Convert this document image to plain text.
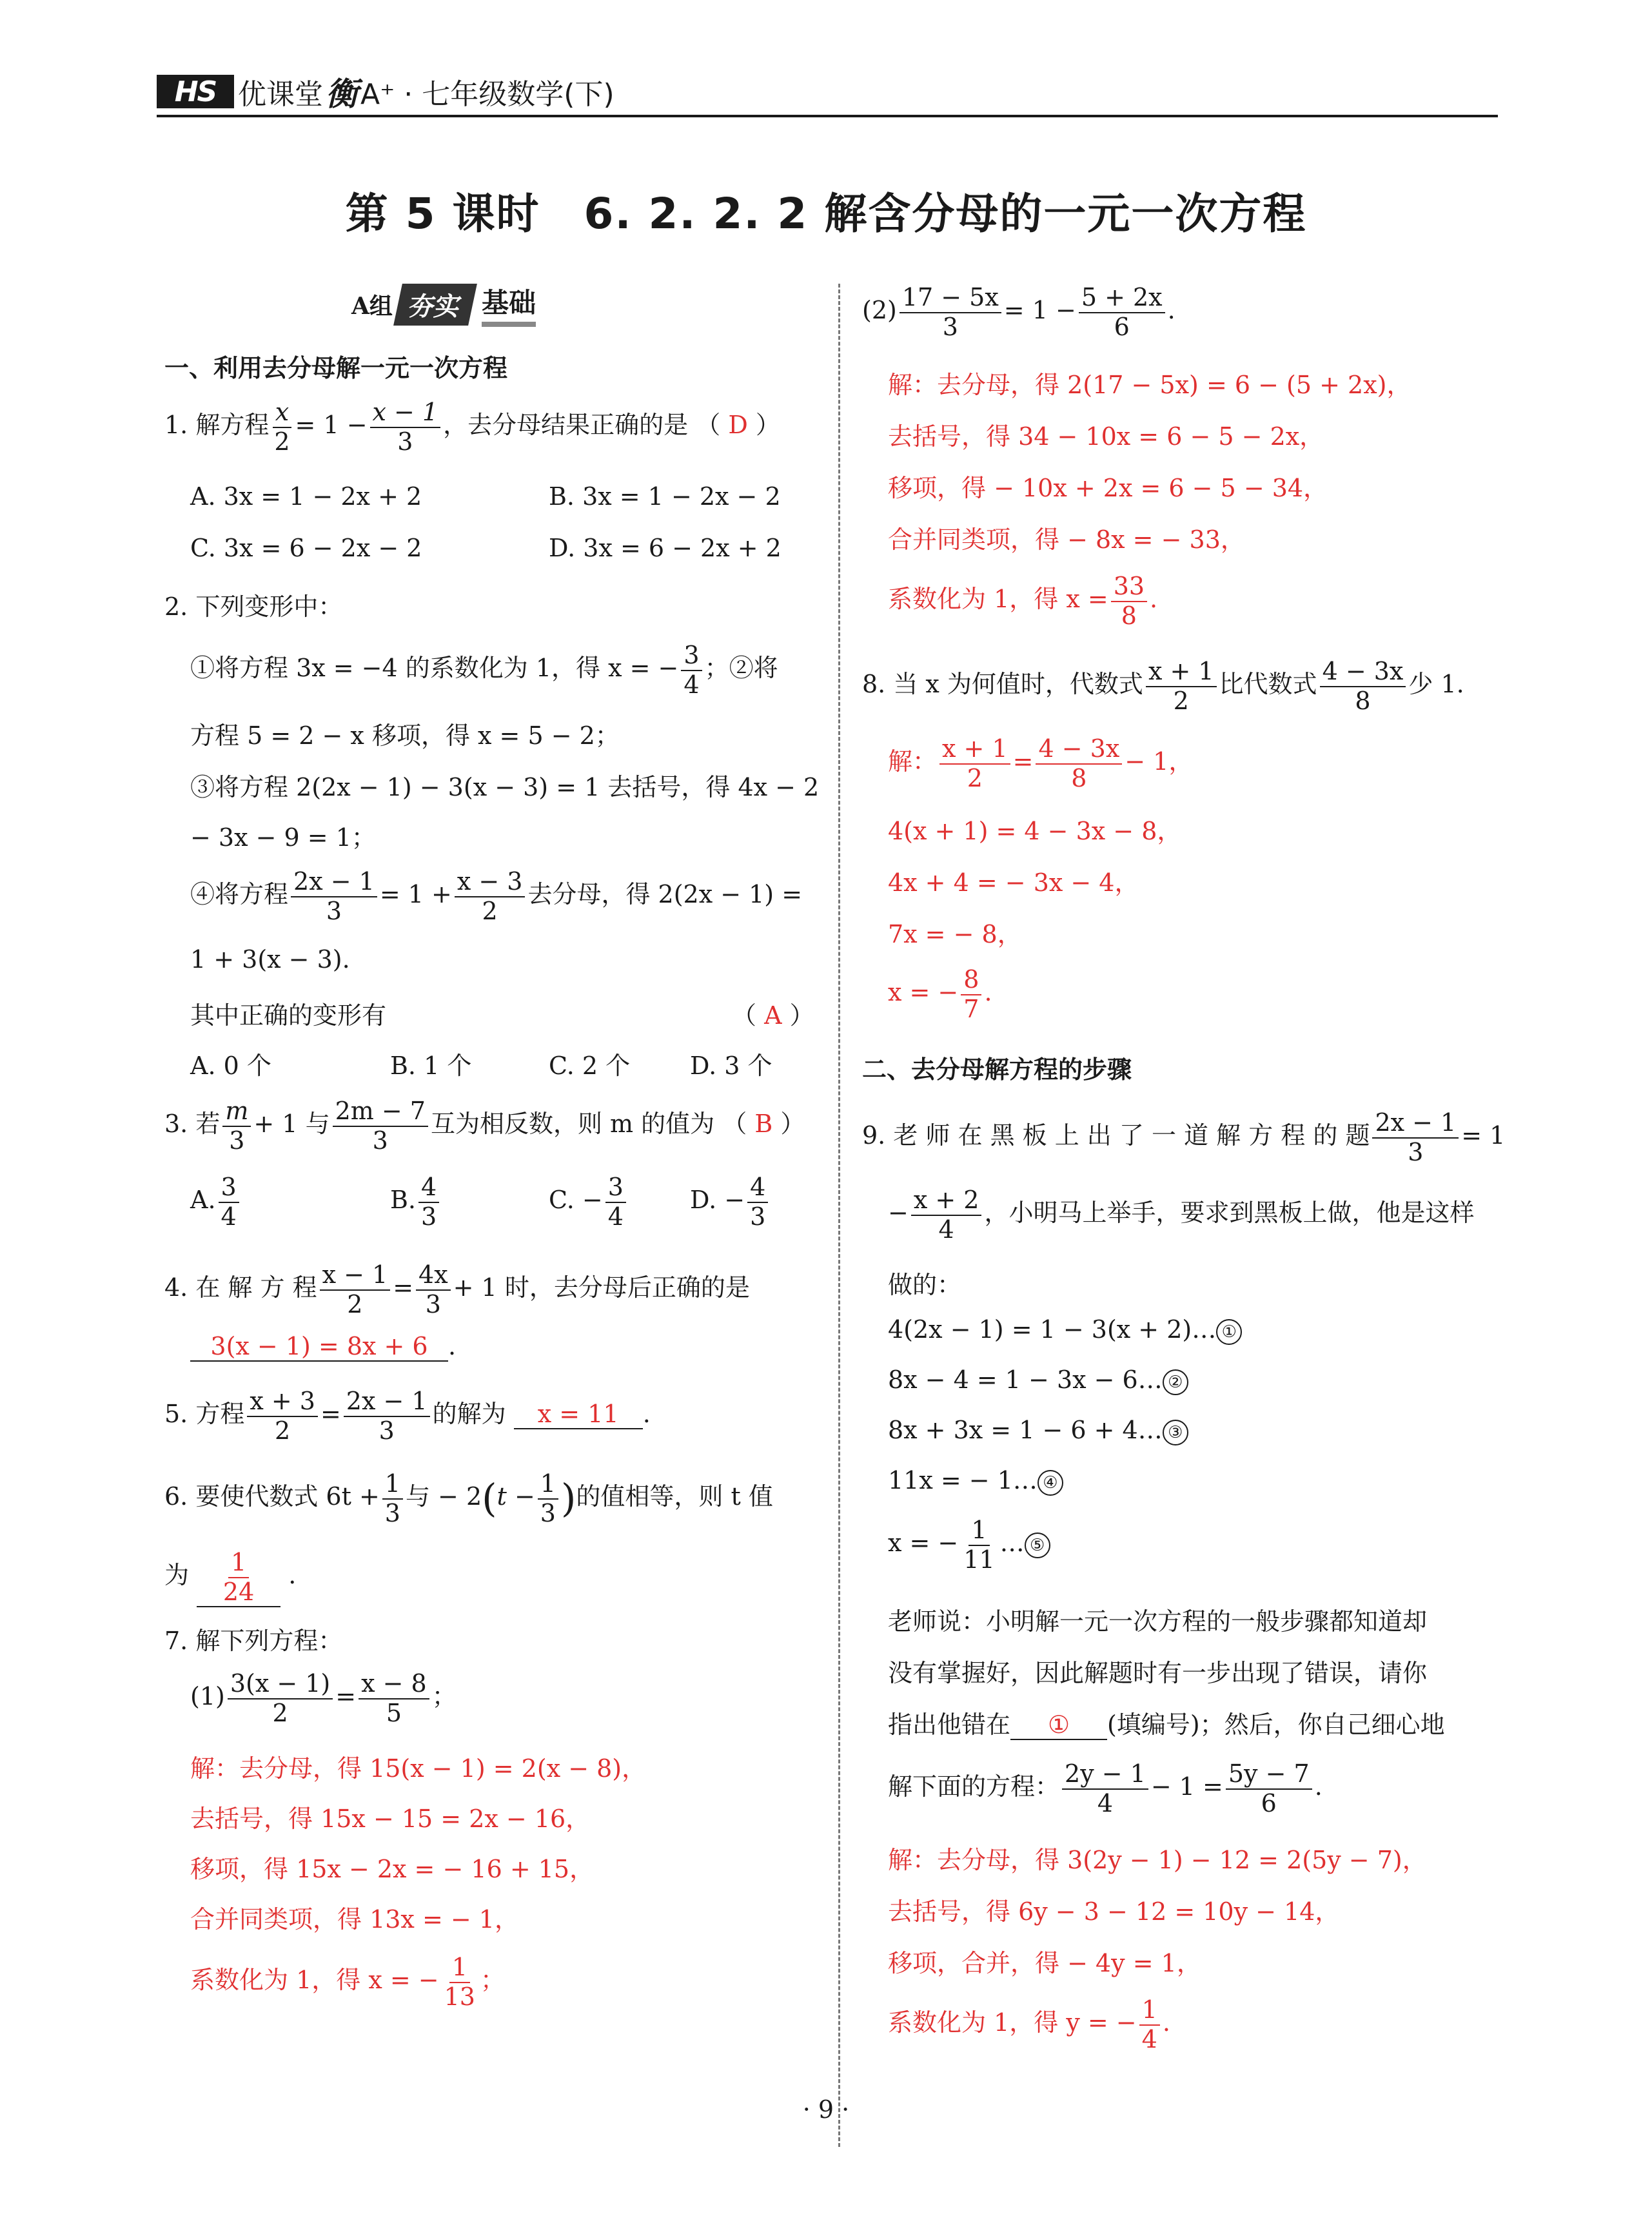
HS 优课堂 衡 A⁺ · 七年级数学(下)
第 5 课时　6. 2. 2. 2 解含分母的一元一次方程
A组 夯实 基础
一、利用去分母解一元一次方程
1. 解方程 $\frac{x}{2} = 1 - \frac{x - 1}{3}$ ，去分母结果正确的是 （ D ）
A. 3x = 1 − 2x + 2	B. 3x = 1 − 2x − 2
C. 3x = 6 − 2x − 2	D. 3x = 6 − 2x + 2
2. 下列变形中：
①将方程 3x = −4 的系数化为 1，得 x = − $\frac{3}{4}$ ；②将
方程 5 = 2 − x 移项，得 x = 5 − 2；
③将方程 2(2x − 1) − 3(x − 3) = 1 去括号，得 4x − 2
− 3x − 9 = 1；
④将方程 $\frac{2x - 1}{3} = 1 + \frac{x - 3}{2}$ 去分母，得 2(2x − 1) =
1 + 3(x − 3).
其中正确的变形有	（ A ）
A. 0 个	B. 1 个	C. 2 个 D. 3 个
3. 若 $\frac{m}{3} + 1$ 与 $\frac{2m - 7}{3}$ 互为相反数，则 m 的值为 （ B ）
A. $\frac{3}{4}$	B. $\frac{4}{3}$	C. − $\frac{3}{4}$	D. − $\frac{4}{3}$
4. 在 解 方 程 $\frac{x - 1}{2} = \frac{4x}{3} + 1$ 时，去分母后正确的是
3(x − 1) = 8x + 6 .
5. 方程 $\frac{x + 3}{2} = \frac{2x - 1}{3}$ 的解为 x = 11 .
6. 要使代数式 $6t + \frac{1}{3}$ 与 − $2(t - \frac{1}{3}$ )的值相等，则 t 值
为 $\frac{1}{24}$ .
7. 解下列方程：
$(1) \frac{3(x - 1)}{2} = \frac{x - 8}{5}$ ；
解：去分母，得 15(x − 1) = 2(x − 8)，
去括号，得 15x − 15 = 2x − 16，
移项，得 15x − 2x = − 16 + 15，
合并同类项，得 13x = − 1，
系数化为 1，得 x = − $\frac{1}{13}$ ；
$(2) \frac{17 - 5x}{3} = 1 - \frac{5 + 2x}{6}$ .
解：去分母，得 2(17 − 5x) = 6 − (5 + 2x)，
去括号，得 34 − 10x = 6 − 5 − 2x，
移项，得 − 10x + 2x = 6 − 5 − 34，
合并同类项，得 − 8x = − 33，
系数化为 1，得 $x = \frac{33}{8}$ .
8. 当 x 为何值时，代数式 $\frac{x + 1}{2}$ 比代数式 $\frac{4 - 3x}{8}$ 少 1.
解： $\frac{x + 1}{2} = \frac{4 - 3x}{8} - 1$，
4(x + 1) = 4 − 3x − 8，
4x + 4 = − 3x − 4，
7x = − 8，
x = − $\frac{8}{7}$ .
二、去分母解方程的步骤
9. 老 师 在 黑 板 上 出 了 一 道 解 方 程 的 题 $\frac{2x - 1}{3} = 1$
− $\frac{x + 2}{4}$ ，小明马上举手，要求到黑板上做，他是这样
做的：
4(2x − 1) = 1 − 3(x + 2)… ①
8x − 4 = 1 − 3x − 6… ②
8x + 3x = 1 − 6 + 4… ③
11x = − 1… ④
x = − $\frac{1}{11}$ … ⑤
老师说：小明解一元一次方程的一般步骤都知道却
没有掌握好，因此解题时有一步出现了错误，请你
指出他错在 ① (填编号)；然后，你自己细心地
解下面的方程： $\frac{2y - 1}{4} - 1 = \frac{5y - 7}{6}$ .
解：去分母，得 3(2y − 1) − 12 = 2(5y − 7)，
去括号，得 6y − 3 − 12 = 10y − 14，
移项，合并，得 − 4y = 1，
系数化为 1，得 y = − $\frac{1}{4}$ .
· 9 ·
